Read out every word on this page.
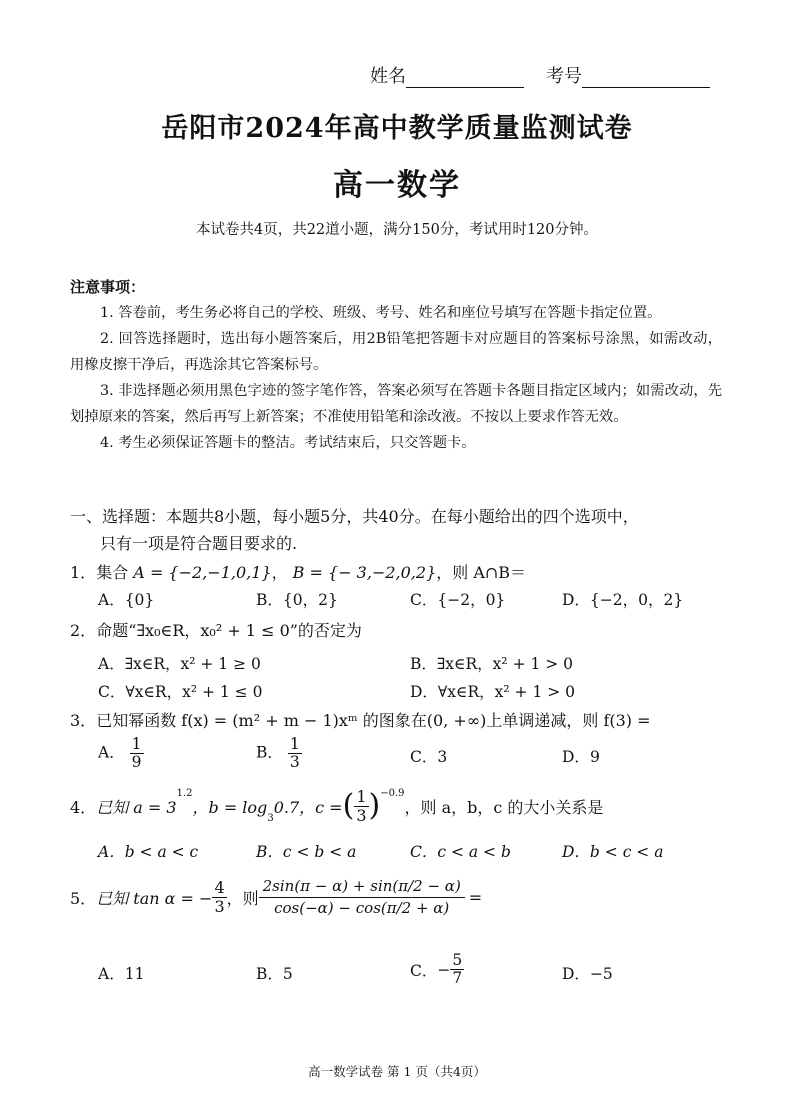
姓名	考号
岳阳市2024年高中教学质量监测试卷
高一数学
本试卷共4页，共22道小题，满分150分，考试用时120分钟。
注意事项：

1. 答卷前，考生务必将自己的学校、班级、考号、姓名和座位号填写在答题卡指定位置。

2. 回答选择题时，选出每小题答案后，用2B铅笔把答题卡对应题目的答案标号涂黑，如需改动，用橡皮擦干净后，再选涂其它答案标号。

3. 非选择题必须用黑色字迹的签字笔作答，答案必须写在答题卡各题目指定区域内；如需改动，先划掉原来的答案，然后再写上新答案；不准使用铅笔和涂改液。不按以上要求作答无效。

4. 考生必须保证答题卡的整洁。考试结束后，只交答题卡。

一、选择题：本题共8小题，每小题5分，共40分。在每小题给出的四个选项中，
只有一项是符合题目要求的.
1．集合 A = {−2,−1,0,1}， B = {− 3,−2,0,2}，则 A∩B＝
A．{0}	B．{0，2}	C．{−2，0}	D．{−2，0，2}
2．命题“∃x₀∈R，x₀² + 1 ≤ 0”的否定为
A．∃x∈R，x² + 1 ≥ 0	B．∃x∈R，x² + 1 > 0
C．∀x∈R，x² + 1 ≤ 0	D．∀x∈R，x² + 1 > 0
3．已知幂函数 f(x) = (m² + m − 1)xᵐ 的图象在(0, +∞)上单调递减，则 f(3) =
A． $\frac{1}{9}$	B． $\frac{1}{3}$	C．3	D．9
4． 已知 a = 3
$^{1.2}$
，b = log
$_3$
0.7，c = ( $\frac{1}{3} )^{-0.9}$
，则 a，b，c 的大小关系是
A．b < a < c	B．c < b < a	C．c < a < b	D．b < c < a
5． 已知 tan α = − $\frac{4}{3}$ ，则 $\frac{2\sin(\pi - \alpha) + \sin(\pi/2 - \alpha)}{\cos(-\alpha) - \cos(\pi/2 + \alpha)}$ =
A．11	B．5	C． − $\frac{5}{7}$	D．−5
高一数学试卷 第 1 页（共4页）
